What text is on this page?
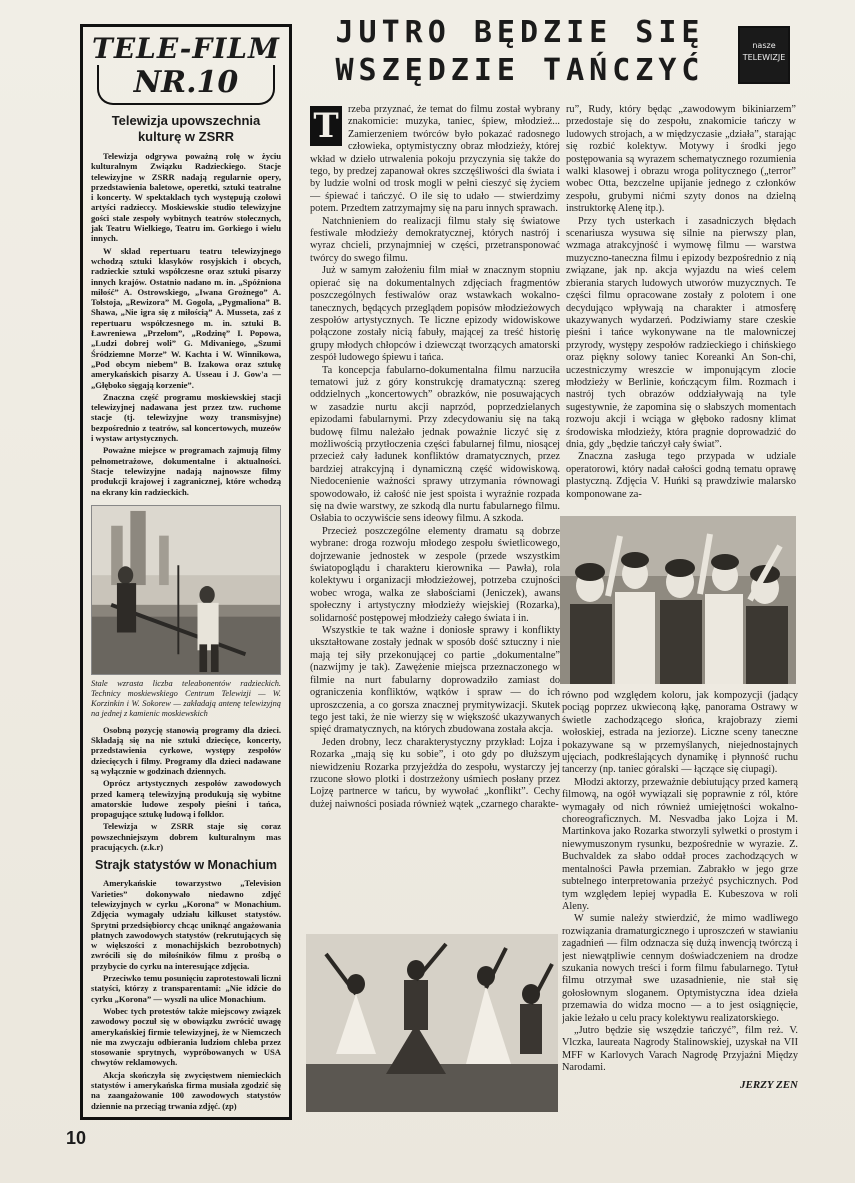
TELE-FILM
NR.10
Telewizja upowszechnia kulturę w ZSRR

Telewizja odgrywa poważną rolę w życiu kulturalnym Związku Radzieckiego. Stacje telewizyjne w ZSRR nadają regularnie opery, przedstawienia baletowe, operetki, sztuki teatralne i koncerty. W spektaklach tych występują czołowi artyści radzieccy. Moskiewskie studio telewizyjne gości stale zespoły wybitnych teatrów stołecznych, jak Teatru Wielkiego, Teatru im. Gorkiego i wielu innych.

W skład repertuaru teatru telewizyjnego wchodzą sztuki klasyków rosyjskich i obcych, radzieckie sztuki współczesne oraz sztuki pisarzy innych krajów. Ostatnio nadano m. in. „Spóźniona miłość” A. Ostrowskiego, „Iwana Groźnego” A. Tołstoja, „Rewizora” M. Gogola, „Pygmaliona” B. Shawa, „Nie igra się z miłością” A. Musseta, zaś z repertuaru współczesnego m. in. sztuki B. Ławreniewa „Przełom”, „Rodzinę” I. Popowa, „Ludzi dobrej woli” G. Mdivaniego, „Szumi Śródziemne Morze” W. Kachta i W. Winnikowa, „Pod obcym niebem” B. Izakowa oraz sztukę amerykańskich pisarzy A. Usseau i J. Gow'a — „Głęboko sięgają korzenie”.

Znaczna część programu moskiewskiej stacji telewizyjnej nadawana jest przez tzw. ruchome stacje (tj. telewizyjne wozy transmisyjne) bezpośrednio z teatrów, sal koncertowych, muzeów i wystaw artystycznych.

Poważne miejsce w programach zajmują filmy pełnometrażowe, dokumentalne i aktualności. Stacje telewizyjne nadają najnowsze filmy produkcji krajowej i zagranicznej, które wchodzą na ekrany kin radzieckich.

Stale wzrasta liczba teleabonentów radzieckich. Technicy moskiewskiego Centrum Telewizji — W. Korzinkin i W. Sokorew — zakładają antenę telewizyjną na jednej z kamienic moskiewskich

Osobną pozycję stanowią programy dla dzieci. Składają się na nie sztuki dziecięce, koncerty, przedstawienia cyrkowe, występy zespołów dziecięcych i filmy. Programy dla dzieci nadawane są wyłącznie w godzinach dziennych.

Oprócz artystycznych zespołów zawodowych przed kamerą telewizyjną produkują się wybitne amatorskie ludowe zespoły pieśni i tańca, propagujące sztukę ludową i folklor.

Telewizja w ZSRR staje się coraz powszechniejszym dobrem kulturalnym mas pracujących. (z.k.r)

Strajk statystów w Monachium

Amerykańskie towarzystwo „Television Varieties” dokonywało niedawno zdjęć telewizyjnych w cyrku „Korona” w Monachium. Zdjęcia wymagały udziału kilkuset statystów. Sprytni przedsiębiorcy chcąc uniknąć angażowania płatnych zawodowych statystów (rekrutujących się w większości z monachijskich bezrobotnych) zwrócili się do miłośników filmu z prośbą o przybycie do cyrku na interesujące zdjęcia.

Przeciwko temu posunięciu zaprotestowali liczni statyści, którzy z transparentami: „Nie idźcie do cyrku „Korona” — wyszli na ulice Monachium.

Wobec tych protestów także miejscowy związek zawodowy poczuł się w obowiązku zwrócić uwagę amerykańskiej firmie telewizyjnej, że w Niemczech nie ma zwyczaju odbierania ludziom chleba przez stosowanie sprytnych, wypróbowanych w USA chwytów reklamowych.

Akcja skończyła się zwycięstwem niemieckich statystów i amerykańska firma musiała zgodzić się na zaangażowanie 100 zawodowych statystów dziennie na przeciąg trwania zdjęć. (zp)

JUTRO BĘDZIE SIĘ
WSZĘDZIE TAŃCZYĆ
nasze TELEWIZJE
T rzeba przyznać, że temat do filmu został wybrany znakomicie: muzyka, taniec, śpiew, młodzież... Zamierzeniem twórców było pokazać radosnego człowieka, optymistyczny obraz młodzieży, której wkład w dzieło utrwalenia pokoju przyczynia się także do tego, by predzej zapanował okres szczęśliwości dla świata i by ludzie wolni od trosk mogli w pełni cieszyć się życiem — śpiewać i tańczyć. O ile się to udało — stwierdzimy potem. Przedtem zatrzymajmy się na paru innych sprawach.

Natchnieniem do realizacji filmu stały się światowe festiwale młodzieży demokratycznej, których nastrój i wyraz chcieli, przynajmniej w części, przetransponować twórcy do swego filmu.

Już w samym założeniu film miał w znacznym stopniu opierać się na dokumentalnych zdjęciach fragmentów poszczególnych festiwalów oraz wstawkach wokalno-tanecznych, będących przeglądem popisów młodzieżowych zespołów artystycznych. Te liczne epizody widowiskowe połączone zostały nicią fabuły, mającej za treść historię grupy młodych chłopców i dziewcząt tworzących amatorski zespół ludowego śpiewu i tańca.

Ta koncepcja fabularno-dokumentalna filmu narzuciła tematowi już z góry konstrukcję dramatyczną: szereg oddzielnych „koncertowych” obrazków, nie posuwających w zasadzie nurtu akcji naprzód, poprzedzielanych epizodami fabularnymi. Przy zdecydowaniu się na taką budowę filmu należało jednak poważnie liczyć się z możliwością przytłoczenia części fabularnej filmu, niosącej przecież cały ładunek konfliktów dramatycznych, przez bardziej atrakcyjną i dynamiczną część widowiskową. Niedocenienie ważności sprawy utrzymania równowagi spowodowało, iż całość nie jest spoista i wyraźnie rozpada się na dwie warstwy, ze szkodą dla nurtu fabularnego filmu. Osłabia to oczywiście sens ideowy filmu. A szkoda.

Przecież poszczególne elementy dramatu są dobrze wybrane: droga rozwoju młodego zespołu świetlicowego, dojrzewanie jednostek w zespole (przede wszystkim światopoglądu i charakteru kierownika — Pawła), rola kolektywu i organizacji młodzieżowej, potrzeba czujności wobec wroga, walka ze słabościami (Jeniczek), awans społeczny i artystyczny młodzieży wiejskiej (Rozarka), solidarność postępowej młodzieży całego świata i in.

Wszystkie te tak ważne i doniosłe sprawy i konflikty ukształtowane zostały jednak w sposób dość sztuczny i nie mają tej siły przekonującej co partie „dokumentalne” (nazwijmy je tak). Zawężenie miejsca przeznaczonego w filmie na nurt fabularny doprowadziło zamiast do ograniczenia konfliktów, wątków i spraw — do ich uproszczenia, a co gorsza znacznej prymitywizacji. Skutek tego jest taki, że nie wierzy się w większość ukazywanych spięć dramatycznych, na których zbudowana została akcja.

Jeden drobny, lecz charakterystyczny przykład: Lojza i Rozarka „mają się ku sobie”, i oto gdy po dłuższym niewidzeniu Rozarka przyjeżdża do zespołu, wystarczy jej rzucone słowo plotki i dostrzeżony uśmiech posłany przez Lojzę partnerce w tańcu, by wywołać „konflikt”. Cechy dużej naiwności posiada również wątek „czarnego charakte-

ru”, Rudy, który będąc „zawodowym bikiniarzem” przedostaje się do zespołu, znakomicie tańczy w ludowych strojach, a w międzyczasie „działa”, starając się rozbić kolektyw. Motywy i środki jego postępowania są wyrazem schematycznego rozumienia walki klasowej i obrazu wroga politycznego („terror” wobec Otta, bezczelne upijanie jednego z członków zespołu, grubymi nićmi szyty donos na dzielną instruktorkę Alenę itp.).

Przy tych usterkach i zasadniczych błędach scenariusza wysuwa się silnie na pierwszy plan, wzmaga atrakcyjność i wymowę filmu — warstwa muzyczno-taneczna filmu i epizody bezpośrednio z nią związane, jak np. akcja wyjazdu na wieś celem zbierania starych ludowych utworów muzycznych. Te części filmu opracowane zostały z polotem i one decydująco wpływają na charakter i atmosferę ukazywanych wydarzeń. Podziwiamy stare czeskie pieśni i tańce wykonywane na tle malowniczej przyrody, występy zespołów radzieckiego i chińskiego oraz piękny solowy taniec Koreanki An Son-chi, uczestniczymy wreszcie w imponującym zlocie młodzieży w Berlinie, kończącym film. Rozmach i nastrój tych obrazów oddziaływają na tyle sugestywnie, że zapomina się o słabszych momentach rozwoju akcji i wciąga w głęboko radosny klimat środowiska młodzieży, która pragnie doprowadzić do dnia, gdy „będzie tańczył cały świat”.

Znaczna zasługa tego przypada w udziale operatorowi, który nadał całości godną tematu oprawę plastyczną. Zdjęcia V. Huńki są prawdziwie malarsko komponowane za-

równo pod względem koloru, jak kompozycji (jadący pociąg poprzez ukwieconą łąkę, panorama Ostrawy w świetle zachodzącego słońca, krajobrazy ziemi wołoskiej, estrada na jeziorze). Liczne sceny taneczne pokazywane są w przemyślanych, niejednostajnych ujęciach, podkreślających dynamikę i płynność ruchu tancerzy (np. taniec góralski — łączące się ciupagi).

Młodzi aktorzy, przeważnie debiutujący przed kamerą filmową, na ogół wywiązali się poprawnie z ról, które wymagały od nich również umiejętności wokalno-choreograficznych. M. Nesvadba jako Lojza i M. Martinkova jako Rozarka stworzyli sylwetki o prostym i niewymuszonym rysunku, bezpośrednie w wyrazie. Z. Buchvaldek za słabo oddał proces zachodzących w mentalności Pawła przemian. Zabrakło w jego grze subtelnego interpretowania przeżyć psychicznych. Pod tym względem lepiej wypadła E. Kubeszova w roli Aleny.

W sumie należy stwierdzić, że mimo wadliwego rozwiązania dramaturgicznego i uproszczeń w stawianiu zagadnień — film odznacza się dużą inwencją twórczą i jest niewątpliwie cennym doświadczeniem na drodze szukania nowych treści i form filmu fabularnego. Tytuł filmu otrzymał swe uzasadnienie, nie stał się gołosłownym sloganem. Optymistyczna idea dzieła przemawia do widza mocno — a to jest osiągnięcie, jakie leżało u celu pracy kolektywu realizatorskiego.

„Jutro będzie się wszędzie tańczyć”, film reż. V. Vlczka, laureata Nagrody Stalinowskiej, uzyskał na VII MFF w Karlovych Varach Nagrodę Przyjaźni Między Narodami.

JERZY ZEN
10
